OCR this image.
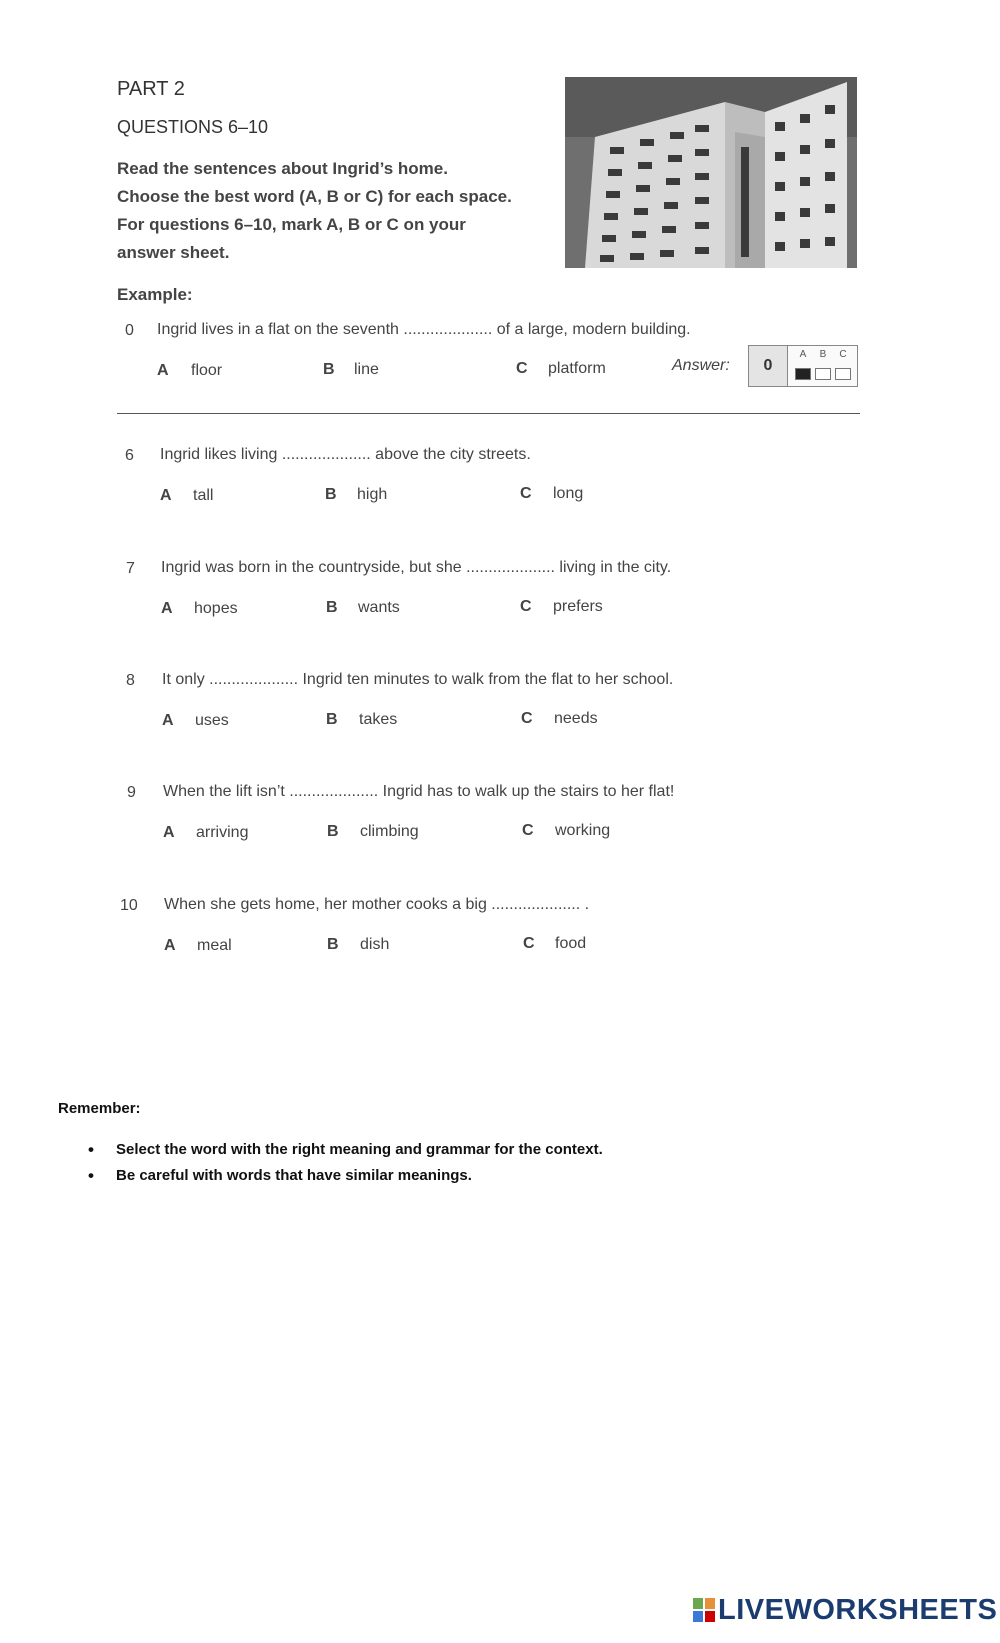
PART 2
QUESTIONS 6–10
Read the sentences about Ingrid’s home.
Choose the best word (A, B or C) for each space.
For questions 6–10, mark A, B or C on your
answer sheet.
Example:
0 Ingrid lives in a flat on the seventh .................... of a large, modern building.
A floor	B line	C platform	Answer:	0
A B C
6 Ingrid likes living .................... above the city streets.
A tall	B high	C long
7 Ingrid was born in the countryside, but she .................... living in the city.
A hopes	B wants	C prefers
8 It only .................... Ingrid ten minutes to walk from the flat to her school.
A uses	B takes	C needs
9 When the lift isn’t .................... Ingrid has to walk up the stairs to her flat!
A arriving	B climbing	C working
10 When she gets home, her mother cooks a big .................... .
A meal	B dish	C food
Remember:
• Select the word with the right meaning and grammar for the context.
• Be careful with words that have similar meanings.
LIVEWORKSHEETS
